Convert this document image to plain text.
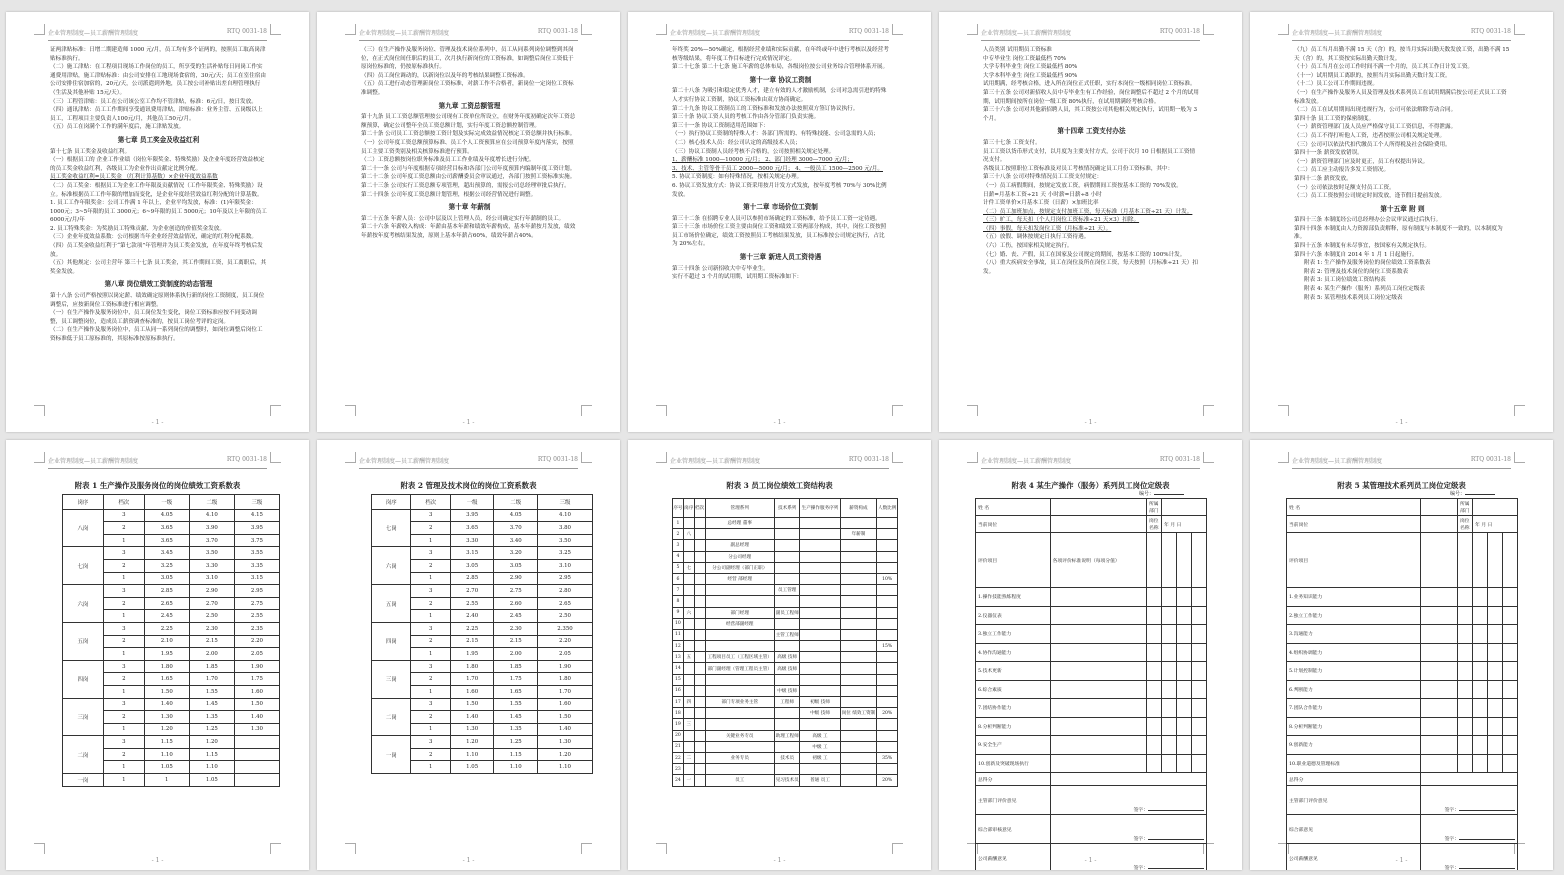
企业管理制度—员工薪酬管理制度	RTQ 0031-18

证两津贴标准：日增二期建造师 1000 元/月，员工均有多个证两的，按照员工取高岗津贴标准执行。

（二）施工津贴：在工程项目现场工作岗位的员工，所享受的生活补贴每日同岗工作实通费用津贴，施工津贴标准：由公司安排在工地现场食宿的，30元/天；员工在室住宿由公司安排住宿加宿的，20元/天，公司派遣到外地，员工按公司补贴出差自理管理执行（生活及其他补贴 15元/天）。

（三）工程管津贴：员工在公司该公室工作均不管津贴，标准：6元/日，按日发放。

（四）通讯津贴：员工工作期间享受通讯费用津贴，津贴标准：业务主管、五岗级以上员工，工程项目主要负责人100元/月，其他员工50元/月。

（五）员工在岗满个工作的满年度后，施工津贴发放。

第七章 员工奖金及收益红利

第十七条 员工奖金及收益红利。

（一）根据员工的 企业工作业绩（岗位年限奖金、特殊奖励）及企业年度经营效益核定的员工奖金收益红利，各级员工为企业作出贡献定比例分配。

员工奖金收益红利=员工奖金 （红利计算基数）×企业年度效益系数

（二）员工奖金：根据员工为企业工作年限及贡献情况（工作年限奖金、特殊奖励）设立。标准根据员工工作年限的增加而变化，是企业年度经营效益红利分配的计算基数。

1. 员工工作年限奖金：公司工作满 1 年以上，企业平均发放，标准：(1)年限奖金：1000元；3~5年限的员工 3000元；6~9年限的员工 5000元；10年及以上年限的员工 6000元/月/年

2. 员工特殊奖金：为奖励员工特殊贡献、为企业创造的价值奖金发放。

（三）企业年度效益系数：公司根据当年企业经营效益情况，确定的红利分配系数。

（四）员工奖金收益红利于“第七款项”年管理并为员工奖金发放，在年度年终考核后发放。

（五）其他规定：公司主营年 第三十七条 员工奖金，其工作期间工资，员工离职后，其奖金发放。

第八章 岗位绩效工资制度的动态管理

第十八条 公司严格按照以岗定薪、绩效确定原则体系执行新的岗位工资制度，员工岗位调整后，应按新岗位工资标准进行相应调整。

（一）在生产操作及服务岗位中，员工岗位发生变化，岗位工资标准应按不同变动调整，员工调整岗位，造成员工薪资调查标准的，按员工岗位考评的定岗。

（二）在生产操作及服务岗位中，员工从同一系列岗位的调整时，如岗位调整后岗位工资标准低于员工原标准的，其原标准按原标准执行。

- 1 -
企业管理制度—员工薪酬管理制度	RTQ 0031-18

（三）在生产操作及服务岗位、管理及技术岗位系列中，员工从同系列岗位调整到其岗位，在正式岗位间任职后的员工，次月执行新岗位的工资标准，如调整后岗位工资低于原岗位标准的，仍按原标准执行。

（四）员工岗位调动的，以新岗位以及年的考核结果调整工资标准。

（五）员工进行动态管理新岗位工资标准，对薪工作不合格者，新岗位一定岗位工资标准调整。

第九章 工资总额管理

第十九条 员工工资总额管理按公司现有工资单位所设立，在财务年度初确定次年工资总额预算，确定公司整年全员工资总额计划，实行年度工资总额控制管理。

第二十条 公司员工工资总额按工资计划及实际完成效益情况核定工资总额并执行标准。

（一）公司年度工资总额预算标准、员工个人工资预算应在公司预算年度内落实，按照员工主要工资类别及相关核算标准进行预算。

（二）工资总额按岗位职务标准及员工工作业绩及年度增长进行分配。

第二十一条 公司与年度根据专项经营目标和各部门公司年度预算内编制年度工资计划。

第二十二条 公司年度工资总额由公司薪酬委员会审议通过，各部门按照工资标准实施。

第二十三条 公司实行工资总额专项管理，超出预算的，需报公司总经理审批后执行。

第二十四条 公司年度工资总额计划管理，根据公司经营情况进行调整。

第十章 年薪制

第二十五条 年薪人员：公司中层及以上管理人员，经公司确定实行年薪制的员工。

第二十六条 年薪收入构成：年薪由基本年薪和绩效年薪构成，基本年薪按月发放，绩效年薪按年度考核结果发放，原则上基本年薪占60%，绩效年薪占40%。

- 1 -
企业管理制度—员工薪酬管理制度	RTQ 0031-18

年终奖 20%—50%确定，根据经营业绩和实际贡献，在年终或年中进行考核以及经营考核等级结果，将年度工作目标进行完成情况评定。

第二十七条 第二十七条 施工年薪的总体布局，各级岗位按公司业务综合管理体系开展。

第十一章 协议工资制

第二十八条 为吸引和稳定优秀人才，建立有效的人才激励机制，公司对急需引进的特殊人才实行协议工资制，协议工资标准由双方协商确定。

第二十九条 协议工资制员工的工资标准和发放办法按照双方签订协议执行。

第三十条 协议工资人员的考核工作由各分管部门负责实施。

第三十一条 协议工资制适用范围如下：

（一）执行协议工资制的特殊人才：各部门所需的、有特殊技能、公司急需的人员；

（二）核心技术人员：经公司认定的高级技术人员；

（三）协议工资制人员经考核不合格的，公司按照相关规定处理。

1、薪酬标准 1000—10000 元/月； 2、部门经理 3000—7000 元/月；

3、技术、主管等骨干员工 2000—5000 元/月； 4、一般员工 1500—2500 元/月。

5. 协议工资制度：如有特殊情况，按相关规定办理。

6. 协议工资发放方式：协议工资采用按月计发方式发放，按年度考核 70%与 30%比例发放。

第十二章 市场价位工资制

第三十二条 在招聘专业人员可以参照市场确定的工资标准，给予员工工资一定待遇。

第三十三条 市场价位工资主要由岗位工资和绩效工资两部分构成，其中，岗位工资按照员工市场价位确定，绩效工资按照员工考核结果发放，员工标准按公司规定执行，占比为 20%左右。

第十三章 新进人员工资待遇

第三十四条 公司新招收大中专毕业生。

实行不超过 3 个月的试用期，试用期工资标准如下：

- 1 -
企业管理制度—员工薪酬管理制度	RTQ 0031-18

人员类别 试用期员工资标准

中专毕业生 岗位工资最低档 70%

大学专科毕业生 岗位工资最低档 80%

大学本科毕业生 岗位工资最低档 90%

试用期满，经考核合格，进入所在岗位正式任职，实行本岗位一级相同岗位工资标准。

第三十五条 公司对新招收人员中专毕业生有工作经验，岗位调整后不超过 2 个月的试用期，试用期间按所在岗位一级工资 80%执行，在试用期满经考核合格。

第三十六条 公司对其他新招聘人员，其工资按公司其他相关规定执行，试用期一般为 3 个月。

第十四章 工资支付办法

第三十七条 工资支付。

员工工资以货币形式支付，以月度为主要支付方式，公司于次月 10 日根据员工工资情况支付。

各级员工按照职位工资标准及对员工考核情况确定员工月份工资标准，其中：

第三十八条 公司对特殊情况员工工资支付规定：

（一）员工病假期间，按规定发放工资，病假期间工资按基本工资的 70%发放。

日薪=月基本工资÷21 天 小时薪=日薪÷8 小时

计件工资单价×月基本工资（日薪）×加班比率

（二）员工加班加点，按规定支付加班工资，每天标准（月基本工资÷21 天）计发。

（三）旷工，每天扣（个人月岗位工资标准÷21 天×3）扣除。

（四）事假，每天扣发岗位工资（月标准÷21 天）。

（五）放假、调休按规定日执行工资待遇。

（六）工伤，按国家相关规定执行。

（七）婚、丧、产假，员工在国家及公司规定的期间，按基本工资的 100%计发。

（八）重大疾病安全事故，员工在岗位及所在岗位工资，每天按照（月标准÷21 天）扣发。

- 1 -
企业管理制度—员工薪酬管理制度	RTQ 0031-18

（九）员工当月出勤不满 15 天（含）的，按当月实际出勤天数发放工资，出勤不满 15 天（含）的，其工资按实际出勤天数计发。

（十）员工当月在公司工作时间不满一个月的，员工其工作日计发工资。

（十一）试用期员工离职的，按照当月实际出勤天数计发工资。

（十二）员工公司工作期间违规。

（一）在生产操作及服务人员及管理及技术系列员工在试用期满后按公司正式员工工资标准发放。

（二）员工在试用期间出现违规行为，公司可依法解除劳动合同。

第四十条 员工工资的保密制度。

（一）薪资管理部门及人员应严格保守员工工资信息，不得泄露。

（二）员工不得打听他人工资，违者按照公司相关规定处理。

（三）公司可以依法代扣代缴员工个人所得税及社会保险费用。

第四十一条 薪资发放错误。

（一）薪资管理部门应及时更正，员工有权提出异议。

（二）员工应主动报告多发工资情况。

第四十二条 薪资发放。

（一）公司依法按时足额支付员工工资。

（二）员工工资按照公司规定时间发放，逢节假日提前发放。

第十五章 附 则

第四十三条 本制度经公司总经理办公会议审议通过后执行。

第四十四条 本制度由人力资源部负责解释，原有制度与本制度不一致的，以本制度为准。

第四十五条 本制度有未尽事宜，按国家有关规定执行。

第四十六条 本制度自 2014 年 1 月 1 日起施行。

附表 1: 生产操作及服务岗位的岗位绩效工资系数表

附表 2: 管理及技术岗位的岗位工资系数表

附表 3: 员工岗位绩效工资结构表

附表 4: 某生产操作（服务）系列员工岗位定级表

附表 5: 某管理技术系列员工岗位定级表

- 1 -
企业管理制度—员工薪酬管理制度	RTQ 0031-18
附表 1 生产操作及服务岗位的岗位绩效工资系数表
岗序	档次	一级	二级	三级
八岗	3	4.05	4.10	4.15
	2	3.65	3.90	3.95
	1	3.65	3.70	3.75
七岗	3	3.45	3.50	3.55
	2	3.25	3.30	3.35
	1	3.05	3.10	3.15
六岗	3	2.85	2.90	2.95
	2	2.65	2.70	2.75
	1	2.45	2.50	2.55
五岗	3	2.25	2.30	2.35
	2	2.10	2.15	2.20
	1	1.95	2.00	2.05
四岗	3	1.80	1.85	1.90
	2	1.65	1.70	1.75
	1	1.50	1.55	1.60
三岗	3	1.40	1.45	1.50
	2	1.30	1.35	1.40
	1	1.20	1.25	1.30
二岗	3	1.15	1.20	
	2	1.10	1.15	
	1	1.05	1.10	
一岗	1	1	1.05	
- 1 -
企业管理制度—员工薪酬管理制度	RTQ 0031-18
附表 2 管理及技术岗位的岗位工资系数表
岗序	档次	一级	二级	三级
七岗	3	3.95	4.05	4.10
	2	3.65	3.70	3.80
	1	3.30	3.40	3.50
六岗	3	3.15	3.20	3.25
	2	3.05	3.05	3.10
	1	2.85	2.90	2.95
五岗	3	2.70	2.75	2.80
	2	2.55	2.60	2.65
	1	2.40	2.45	2.50
四岗	3	2.25	2.30	2.350
	2	2.15	2.15	2.20
	1	1.95	2.00	2.05
三岗	3	1.80	1.85	1.90
	2	1.70	1.75	1.80
	1	1.60	1.65	1.70
二岗	3	1.50	1.55	1.60
	2	1.40	1.45	1.50
	1	1.30	1.35	1.40
一岗	3	1.20	1.25	1.30
	2	1.10	1.15	1.20
	1	1.05	1.10	1.10
- 1 -
企业管理制度—员工薪酬管理制度	RTQ 0031-18
附表 3 员工岗位绩效工资结构表
序号	岗序	档次	管理系列	技术系列	生产操作服务序列	薪资构成	人数比例
1			总经理 董事				
2	八					年薪制	
3			副总经理				
4			分公司经理				
5	七		分公司副经理（部门正职）				
6			经营 部经理				10%
7				员工管理			
8							
9	六		部门经理	副员工程师			
10			经营部副经理				
11				主管工程师			
12							15%
13	五		工程项目员工（工程区域主管）	高级 技师			
14			部门副经理（管理工程员主管）	高级 技师			
15							
16				中级 技师			
17	四		部门专项业务主管	工程师	初级 技师		
18					中级 技师	岗位 绩效工资制	20%
19	三						
20			关键业务专员	助理工程师	高级 工		
21					中级 工		
22	二		业务专员	技术员	初级 工		35%
23							
24	一		员工	见习技术员	普通 员工		20%
- 1 -
企业管理制度—员工薪酬管理制度	RTQ 0031-18
附表 4 某生产操作（服务）系列员工岗位定级表
编号：
姓 名		所属部门			
当前岗位		岗位名称	年 月 日		
评价项目	各项评价标准说明（每项分值）				
1.操作技能熟练程度					
2.仪器仪表					
3.独立工作能力					
4.协作沟通能力					
5.技术更新					
6.综合素质					
7.团结协作能力					
8.分析判断能力					
9.安全生产					
10.创新及突破现场执行					
总得分					
主管部门评价意见	签字：				
综合部审核意见	签字：				
公司薪酬意见	签字：				
- 1 -
企业管理制度—员工薪酬管理制度	RTQ 0031-18
附表 5 某管理技术系列员工岗位定级表
编号：
姓 名		所属部门			
当前岗位		岗位名称	年 月 日		
评价项目					
1.业务知识能力					
2.独立工作能力					
3.沟通能力					
4.组织协调能力					
5.计划控制能力					
6.判断能力					
7.团队合作能力					
8.分析判断能力					
9.创新能力					
10.职业道德及管理标准					
总得分					
主管部门评价意见	签字：				
综合部意见	签字：				
公司薪酬意见	签字：				
- 1 -
